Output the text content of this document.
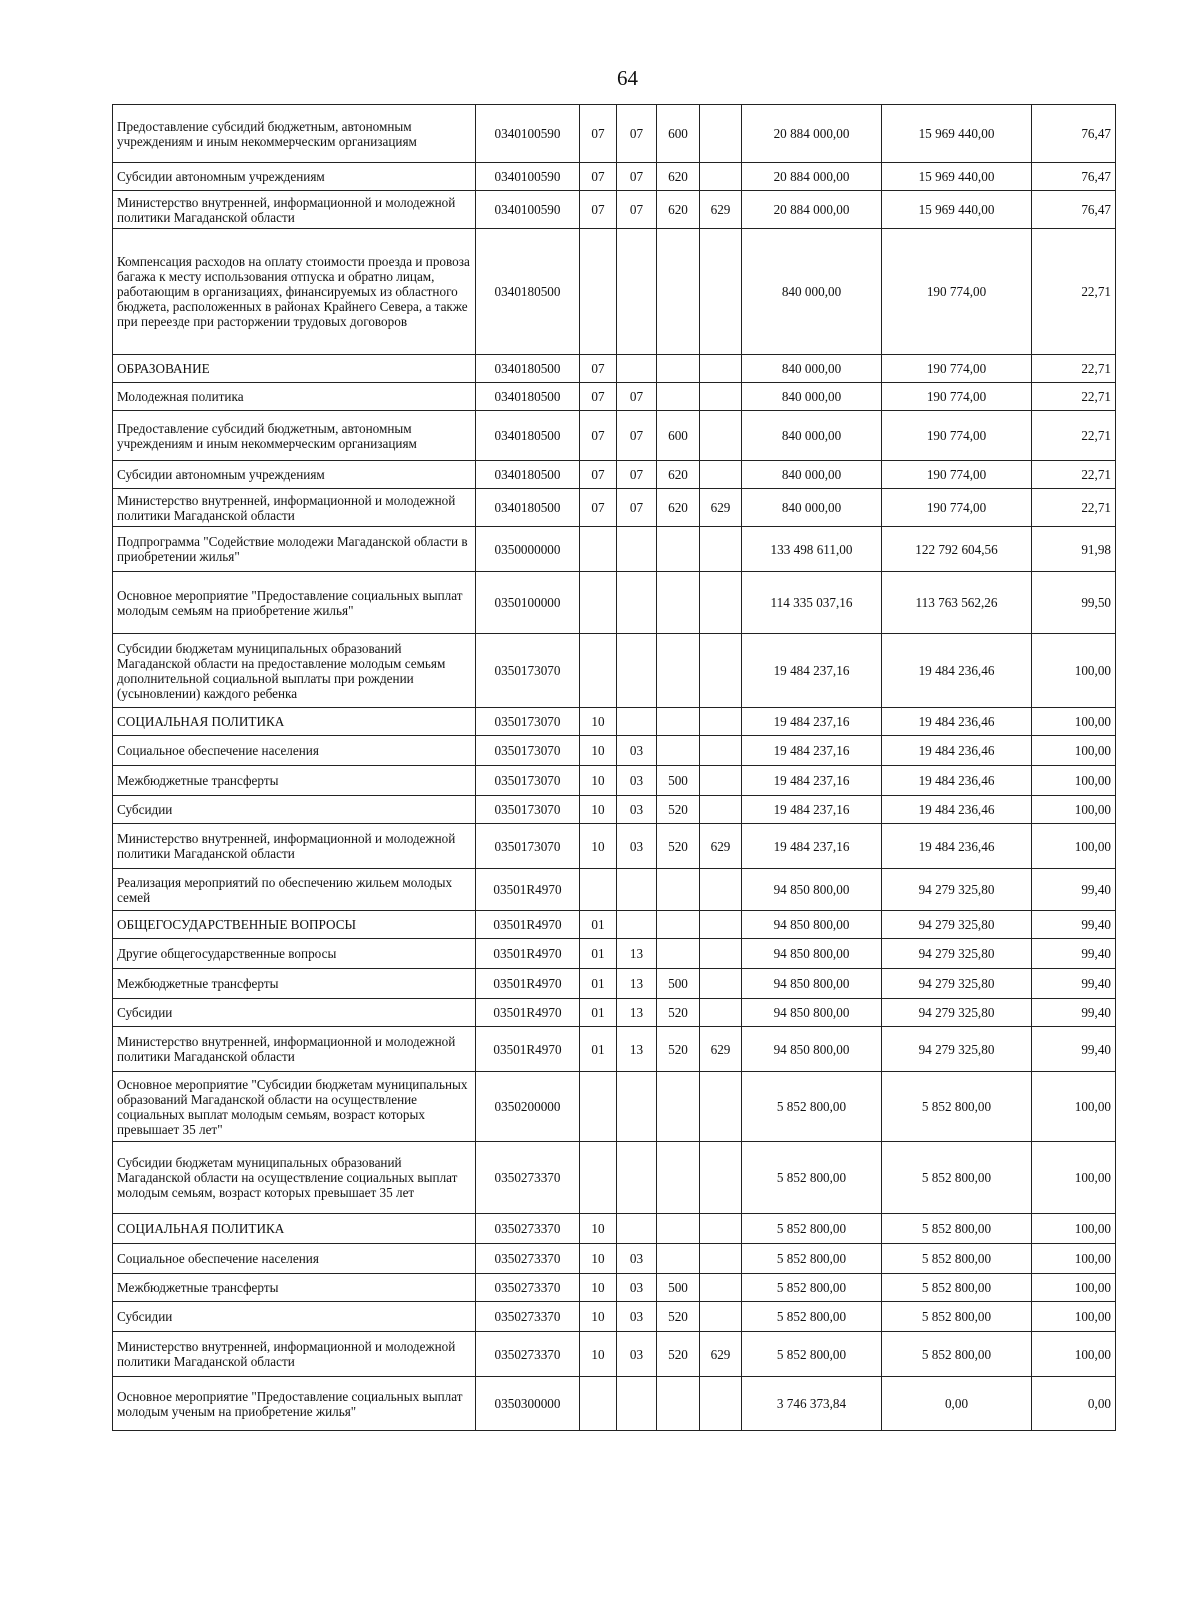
64
Предоставление субсидий бюджетным, автономным учреждениям и иным некоммерческим организациям	0340100590	07	07	600		20 884 000,00	15 969 440,00	76,47
Субсидии автономным учреждениям	0340100590	07	07	620		20 884 000,00	15 969 440,00	76,47
Министерство внутренней, информационной и молодежной политики Магаданской области	0340100590	07	07	620	629	20 884 000,00	15 969 440,00	76,47
Компенсация расходов на оплату стоимости проезда и провоза багажа к месту использования отпуска и обратно лицам, работающим в организациях, финансируемых из областного бюджета, расположенных в районах Крайнего Севера, а также при переезде при расторжении трудовых договоров	0340180500					840 000,00	190 774,00	22,71
ОБРАЗОВАНИЕ	0340180500	07				840 000,00	190 774,00	22,71
Молодежная политика	0340180500	07	07			840 000,00	190 774,00	22,71
Предоставление субсидий бюджетным, автономным учреждениям и иным некоммерческим организациям	0340180500	07	07	600		840 000,00	190 774,00	22,71
Субсидии автономным учреждениям	0340180500	07	07	620		840 000,00	190 774,00	22,71
Министерство внутренней, информационной и молодежной политики Магаданской области	0340180500	07	07	620	629	840 000,00	190 774,00	22,71
Подпрограмма "Содействие молодежи Магаданской области в приобретении жилья"	0350000000					133 498 611,00	122 792 604,56	91,98
Основное мероприятие "Предоставление социальных выплат молодым семьям на приобретение жилья"	0350100000					114 335 037,16	113 763 562,26	99,50
Субсидии бюджетам муниципальных образований Магаданской области на предоставление молодым семьям дополнительной социальной выплаты при рождении (усыновлении) каждого ребенка	0350173070					19 484 237,16	19 484 236,46	100,00
СОЦИАЛЬНАЯ ПОЛИТИКА	0350173070	10				19 484 237,16	19 484 236,46	100,00
Социальное обеспечение населения	0350173070	10	03			19 484 237,16	19 484 236,46	100,00
Межбюджетные трансферты	0350173070	10	03	500		19 484 237,16	19 484 236,46	100,00
Субсидии	0350173070	10	03	520		19 484 237,16	19 484 236,46	100,00
Министерство внутренней, информационной и молодежной политики Магаданской области	0350173070	10	03	520	629	19 484 237,16	19 484 236,46	100,00
Реализация мероприятий по обеспечению жильем молодых семей	03501R4970					94 850 800,00	94 279 325,80	99,40
ОБЩЕГОСУДАРСТВЕННЫЕ ВОПРОСЫ	03501R4970	01				94 850 800,00	94 279 325,80	99,40
Другие общегосударственные вопросы	03501R4970	01	13			94 850 800,00	94 279 325,80	99,40
Межбюджетные трансферты	03501R4970	01	13	500		94 850 800,00	94 279 325,80	99,40
Субсидии	03501R4970	01	13	520		94 850 800,00	94 279 325,80	99,40
Министерство внутренней, информационной и молодежной политики Магаданской области	03501R4970	01	13	520	629	94 850 800,00	94 279 325,80	99,40
Основное мероприятие "Субсидии бюджетам муниципальных образований Магаданской области на осуществление социальных выплат молодым семьям, возраст которых превышает 35 лет"	0350200000					5 852 800,00	5 852 800,00	100,00
Субсидии бюджетам муниципальных образований Магаданской области на осуществление социальных выплат молодым семьям, возраст которых превышает 35 лет	0350273370					5 852 800,00	5 852 800,00	100,00
СОЦИАЛЬНАЯ ПОЛИТИКА	0350273370	10				5 852 800,00	5 852 800,00	100,00
Социальное обеспечение населения	0350273370	10	03			5 852 800,00	5 852 800,00	100,00
Межбюджетные трансферты	0350273370	10	03	500		5 852 800,00	5 852 800,00	100,00
Субсидии	0350273370	10	03	520		5 852 800,00	5 852 800,00	100,00
Министерство внутренней, информационной и молодежной политики Магаданской области	0350273370	10	03	520	629	5 852 800,00	5 852 800,00	100,00
Основное мероприятие "Предоставление социальных выплат молодым ученым на приобретение жилья"	0350300000					3 746 373,84	0,00	0,00
